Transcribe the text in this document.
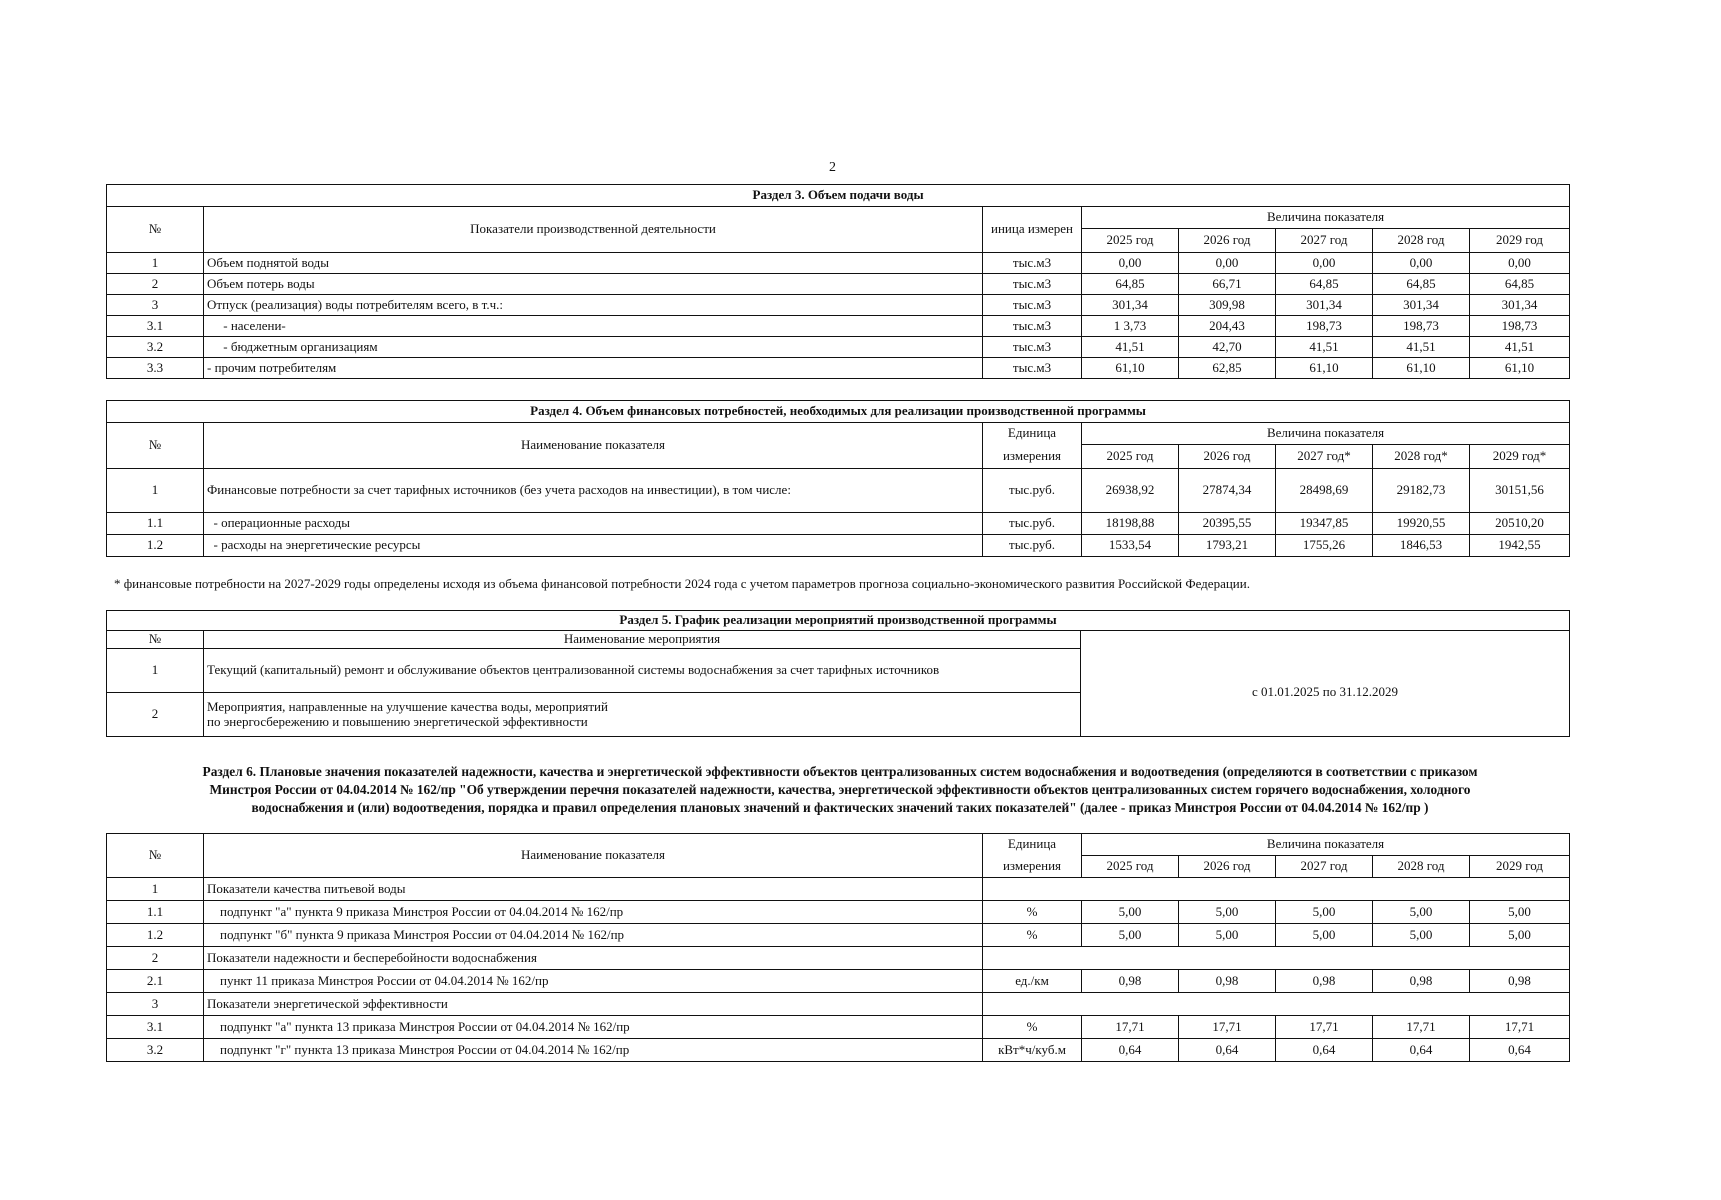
2
Раздел 3. Объем подачи воды							
№	Показатели производственной деятельности	иница измерен	Величина показателя				
			2025 год	2026 год	2027 год	2028 год	2029 год
1	Объем поднятой воды	тыс.м3	0,00	0,00	0,00	0,00	0,00
2	Объем потерь воды	тыс.м3	64,85	66,71	64,85	64,85	64,85
3	Отпуск (реализация) воды потребителям всего, в т.ч.:	тыс.м3	301,34	309,98	301,34	301,34	301,34
3.1	- населени-	тыс.м3	1 3,73	204,43	198,73	198,73	198,73
3.2	- бюджетным организациям	тыс.м3	41,51	42,70	41,51	41,51	41,51
3.3	- прочим потребителям	тыс.м3	61,10	62,85	61,10	61,10	61,10
Раздел 4. Объем финансовых потребностей, необходимых для реализации производственной программы							
№	Наименование показателя	Единица	Величина показателя				
		измерения	2025 год	2026 год	2027 год*	2028 год*	2029 год*
1	Финансовые потребности за счет тарифных источников (без учета расходов на инвестиции), в том числе:	тыс.руб.	26938,92	27874,34	28498,69	29182,73	30151,56
1.1	- операционные расходы	тыс.руб.	18198,88	20395,55	19347,85	19920,55	20510,20
1.2	- расходы на энергетические ресурсы	тыс.руб.	1533,54	1793,21	1755,26	1846,53	1942,55
* финансовые потребности на 2027-2029 годы определены исходя из объема финансовой потребности 2024 года с учетом параметров прогноза социально-экономического развития Российской Федерации.
Раздел 5. График реализации мероприятий производственной программы		
№	Наименование мероприятия	
1	Текущий (капитальный) ремонт и обслуживание объектов централизованной системы водоснабжения за счет тарифных источников	с 01.01.2025 по 31.12.2029
2	Мероприятия, направленные на улучшение качества воды, мероприятий
по энергосбережению и повышению энергетической эффективности	
Раздел 6. Плановые значения показателей надежности, качества и энергетической эффективности объектов централизованных систем водоснабжения и водоотведения (определяются в соответствии с приказом
Минстроя России от 04.04.2014 № 162/пр "Об утверждении перечня показателей надежности, качества, энергетической эффективности объектов централизованных систем горячего водоснабжения, холодного
водоснабжения и (или) водоотведения, порядка и правил определения плановых значений и фактических значений таких показателей" (далее - приказ Минстроя России от 04.04.2014 № 162/пр )
№	Наименование показателя	Единица	Величина показателя				
		измерения	2025 год	2026 год	2027 год	2028 год	2029 год
1	Показатели качества питьевой воды						
1.1	подпункт "а" пункта 9 приказа Минстроя России от 04.04.2014 № 162/пр	%	5,00	5,00	5,00	5,00	5,00
1.2	подпункт "б" пункта 9 приказа Минстроя России от 04.04.2014 № 162/пр	%	5,00	5,00	5,00	5,00	5,00
2	Показатели надежности и бесперебойности водоснабжения						
2.1	пункт 11 приказа Минстроя России от 04.04.2014 № 162/пр	ед./км	0,98	0,98	0,98	0,98	0,98
3	Показатели энергетической эффективности						
3.1	подпункт "а" пункта 13 приказа Минстроя России от 04.04.2014 № 162/пр	%	17,71	17,71	17,71	17,71	17,71
3.2	подпункт "г" пункта 13 приказа Минстроя России от 04.04.2014 № 162/пр	кВт*ч/куб.м	0,64	0,64	0,64	0,64	0,64
